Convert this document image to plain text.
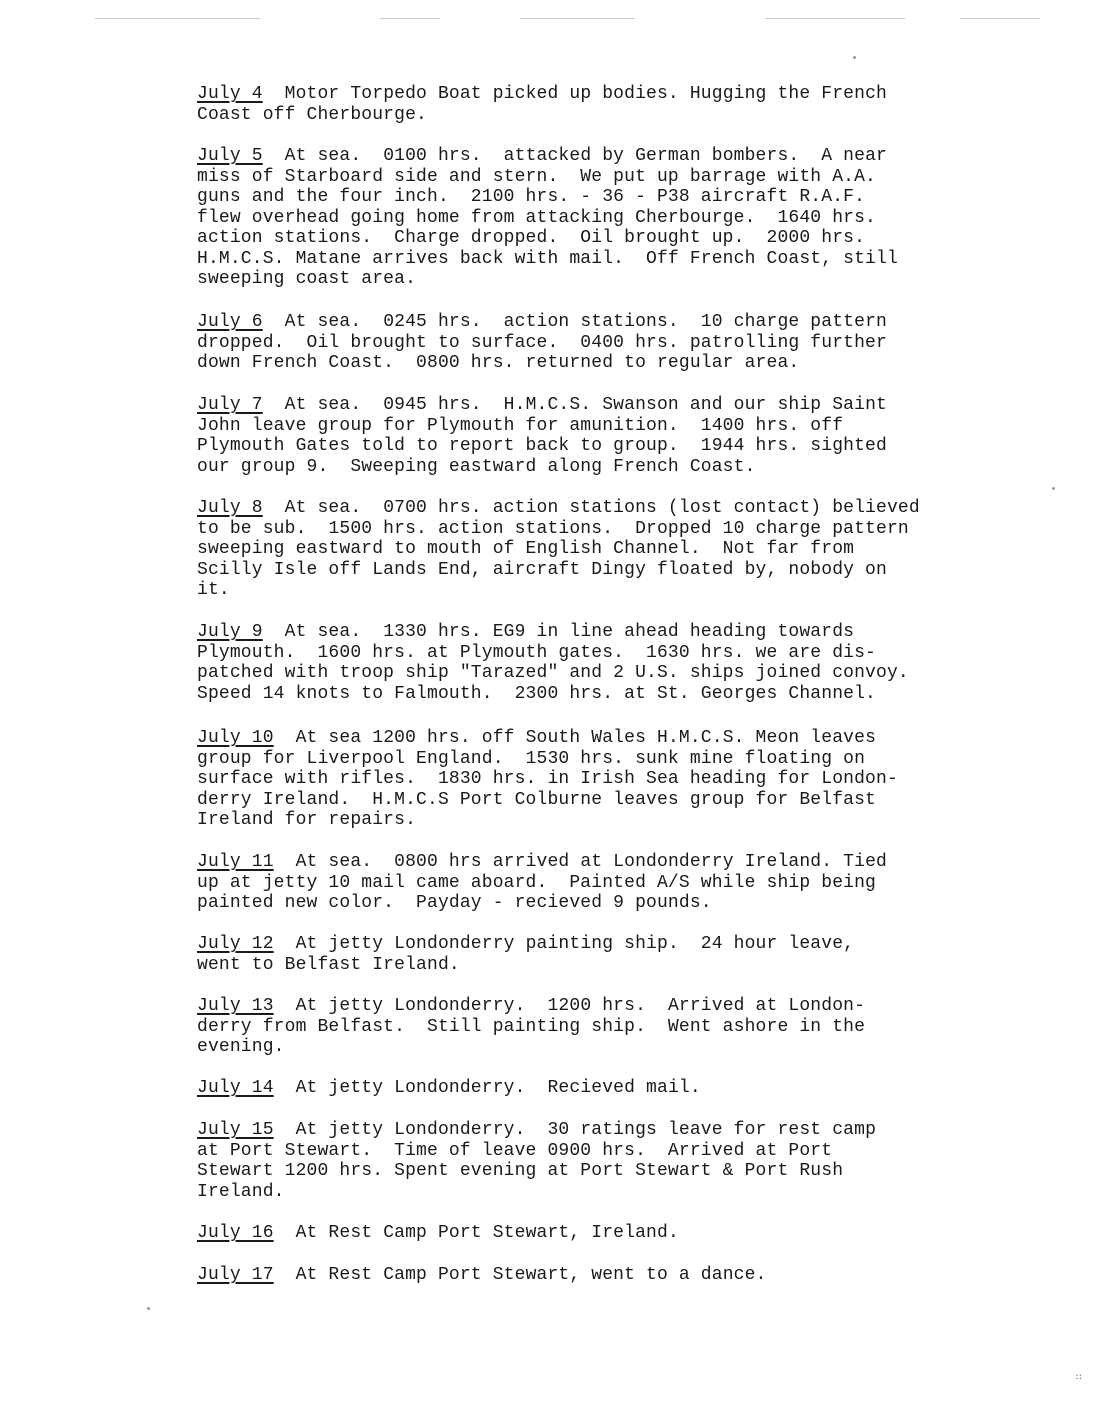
July 4 Motor Torpedo Boat picked up bodies. Hugging the French
Coast off Cherbourge.
July 5 At sea.  0100 hrs.  attacked by German bombers.  A near
miss of Starboard side and stern.  We put up barrage with A.A.
guns and the four inch.  2100 hrs. - 36 - P38 aircraft R.A.F.
flew overhead going home from attacking Cherbourge.  1640 hrs.
action stations.  Charge dropped.  Oil brought up.  2000 hrs.
H.M.C.S. Matane arrives back with mail.  Off French Coast, still
sweeping coast area.
July 6 At sea.  0245 hrs.  action stations.  10 charge pattern
dropped.  Oil brought to surface.  0400 hrs. patrolling further
down French Coast.  0800 hrs. returned to regular area.
July 7 At sea.  0945 hrs.  H.M.C.S. Swanson and our ship Saint
John leave group for Plymouth for amunition.  1400 hrs. off
Plymouth Gates told to report back to group.  1944 hrs. sighted
our group 9.  Sweeping eastward along French Coast.
July 8 At sea.  0700 hrs. action stations (lost contact) believed
to be sub.  1500 hrs. action stations.  Dropped 10 charge pattern
sweeping eastward to mouth of English Channel.  Not far from
Scilly Isle off Lands End, aircraft Dingy floated by, nobody on
it.
July 9 At sea.  1330 hrs. EG9 in line ahead heading towards
Plymouth.  1600 hrs. at Plymouth gates.  1630 hrs. we are dis-
patched with troop ship "Tarazed" and 2 U.S. ships joined convoy.
Speed 14 knots to Falmouth.  2300 hrs. at St. Georges Channel.
July 10 At sea 1200 hrs. off South Wales H.M.C.S. Meon leaves
group for Liverpool England.  1530 hrs. sunk mine floating on
surface with rifles.  1830 hrs. in Irish Sea heading for London-
derry Ireland.  H.M.C.S Port Colburne leaves group for Belfast
Ireland for repairs.
July 11 At sea.  0800 hrs arrived at Londonderry Ireland. Tied
up at jetty 10 mail came aboard.  Painted A/S while ship being
painted new color.  Payday - recieved 9 pounds.
July 12 At jetty Londonderry painting ship.  24 hour leave,
went to Belfast Ireland.
July 13 At jetty Londonderry.  1200 hrs.  Arrived at London-
derry from Belfast.  Still painting ship.  Went ashore in the
evening.
July 14 At jetty Londonderry.  Recieved mail.
July 15 At jetty Londonderry.  30 ratings leave for rest camp
at Port Stewart.  Time of leave 0900 hrs.  Arrived at Port
Stewart 1200 hrs. Spent evening at Port Stewart & Port Rush
Ireland.
July 16 At Rest Camp Port Stewart, Ireland.
July 17 At Rest Camp Port Stewart, went to a dance.
::
